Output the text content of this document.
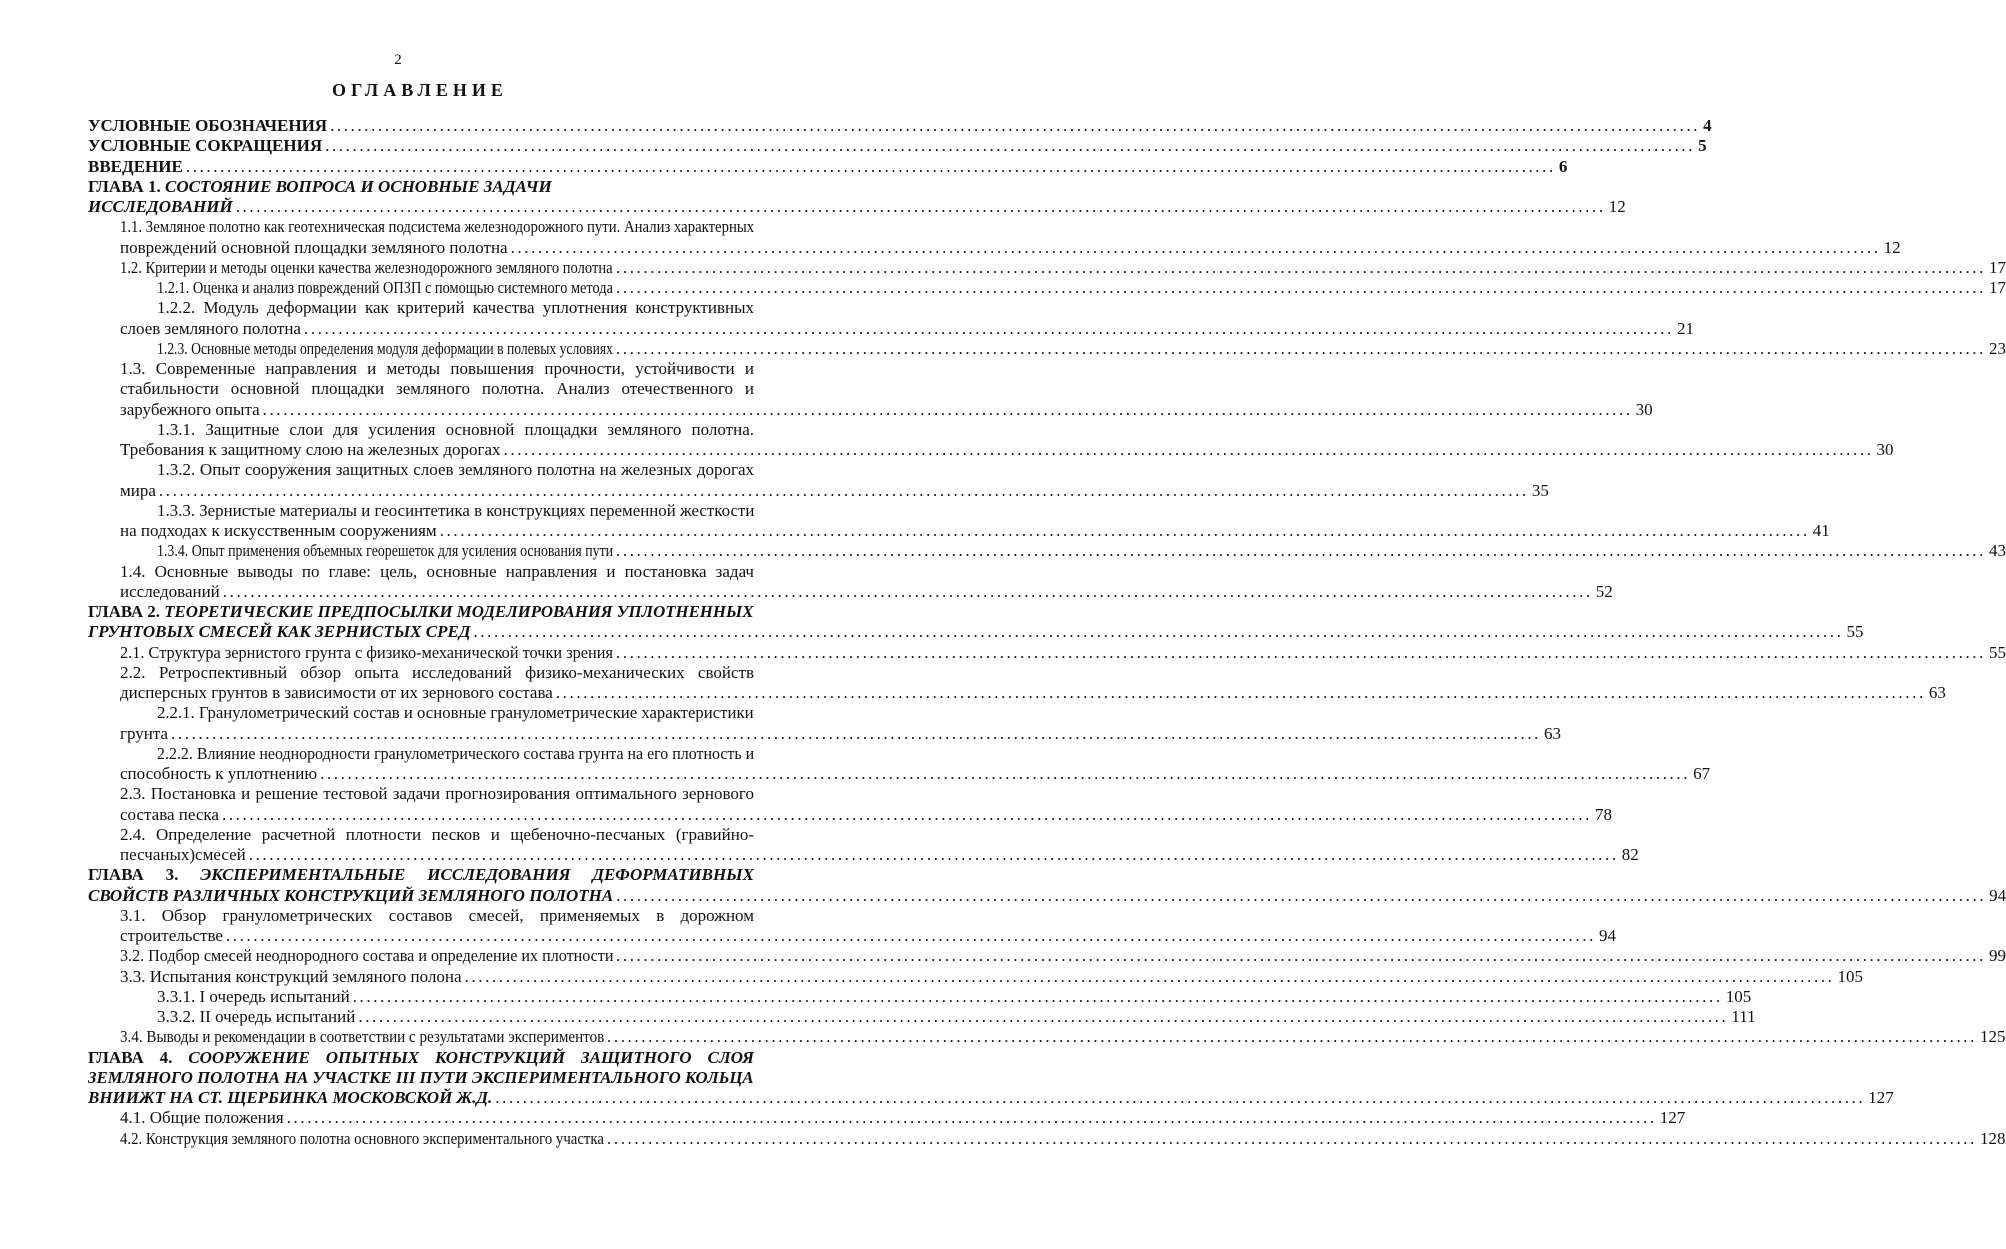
2
ОГЛАВЛЕНИЕ
УСЛОВНЫЕ ОБОЗНАЧЕНИЯ ........................................................................................................................................................................................................ 4
УСЛОВНЫЕ СОКРАЩЕНИЯ ........................................................................................................................................................................................................ 5
ВВЕДЕНИЕ ........................................................................................................................................................................................................ 6
ГЛАВА 1. СОСТОЯНИЕ ВОПРОСА И ОСНОВНЫЕ ЗАДАЧИ
ИССЛЕДОВАНИЙ ........................................................................................................................................................................................................ 12
1.1. Земляное полотно как геотехническая подсистема железнодорожного пути. Анализ характерных
повреждений основной площадки земляного полотна ........................................................................................................................................................................................................ 12
1.2. Критерии и методы оценки качества железнодорожного земляного полотна ........................................................................................................................................................................................................ 17
1.2.1. Оценка и анализ повреждений ОПЗП с помощью системного метода ........................................................................................................................................................................................................ 17
1.2.2. Модуль деформации как критерий качества уплотнения конструктивных
слоев земляного полотна ........................................................................................................................................................................................................ 21
1.2.3. Основные методы определения модуля деформации в полевых условиях ........................................................................................................................................................................................................ 23
1.3. Современные направления и методы повышения прочности, устойчивости и
стабильности основной площадки земляного полотна. Анализ отечественного и
зарубежного опыта ........................................................................................................................................................................................................ 30
1.3.1. Защитные слои для усиления основной площадки земляного полотна.
Требования к защитному слою на железных дорогах ........................................................................................................................................................................................................ 30
1.3.2. Опыт сооружения защитных слоев земляного полотна на железных дорогах
мира ........................................................................................................................................................................................................ 35
1.3.3. Зернистые материалы и геосинтетика в конструкциях переменной жесткости
на подходах к искусственным сооружениям ........................................................................................................................................................................................................ 41
1.3.4. Опыт применения объемных георешеток для усиления основания пути ........................................................................................................................................................................................................ 43
1.4. Основные выводы по главе: цель, основные направления и постановка задач
исследований ........................................................................................................................................................................................................ 52
ГЛАВА 2. ТЕОРЕТИЧЕСКИЕ ПРЕДПОСЫЛКИ МОДЕЛИРОВАНИЯ УПЛОТНЕННЫХ
ГРУНТОВЫХ СМЕСЕЙ КАК ЗЕРНИСТЫХ СРЕД ........................................................................................................................................................................................................ 55
2.1. Структура зернистого грунта с физико-механической точки зрения ........................................................................................................................................................................................................ 55
2.2. Ретроспективный обзор опыта исследований физико-механических свойств
дисперсных грунтов в зависимости от их зернового состава ........................................................................................................................................................................................................ 63
2.2.1. Гранулометрический состав и основные гранулометрические характеристики
грунта ........................................................................................................................................................................................................ 63
2.2.2. Влияние неоднородности гранулометрического состава грунта на его плотность и
способность к уплотнению ........................................................................................................................................................................................................ 67
2.3. Постановка и решение тестовой задачи прогнозирования оптимального зернового
состава песка ........................................................................................................................................................................................................ 78
2.4. Определение расчетной плотности песков и щебеночно-песчаных (гравийно-
песчаных)смесей ........................................................................................................................................................................................................ 82
ГЛАВА 3. ЭКСПЕРИМЕНТАЛЬНЫЕ ИССЛЕДОВАНИЯ ДЕФОРМАТИВНЫХ
СВОЙСТВ РАЗЛИЧНЫХ КОНСТРУКЦИЙ ЗЕМЛЯНОГО ПОЛОТНА ........................................................................................................................................................................................................ 94
3.1. Обзор гранулометрических составов смесей, применяемых в дорожном
строительстве ........................................................................................................................................................................................................ 94
3.2. Подбор смесей неоднородного состава и определение их плотности ........................................................................................................................................................................................................ 99
3.3. Испытания конструкций земляного полона ........................................................................................................................................................................................................ 105
3.3.1. I очередь испытаний ........................................................................................................................................................................................................ 105
3.3.2. II очередь испытаний ........................................................................................................................................................................................................ 111
3.4. Выводы и рекомендации в соответствии с результатами экспериментов ........................................................................................................................................................................................................ 125
ГЛАВА 4. СООРУЖЕНИЕ ОПЫТНЫХ КОНСТРУКЦИЙ ЗАЩИТНОГО СЛОЯ
ЗЕМЛЯНОГО ПОЛОТНА НА УЧАСТКЕ III ПУТИ ЭКСПЕРИМЕНТАЛЬНОГО КОЛЬЦА
ВНИИЖТ НА СТ. ЩЕРБИНКА МОСКОВСКОЙ Ж.Д. ........................................................................................................................................................................................................ 127
4.1. Общие положения ........................................................................................................................................................................................................ 127
4.2. Конструкция земляного полотна основного экспериментального участка ........................................................................................................................................................................................................ 128
